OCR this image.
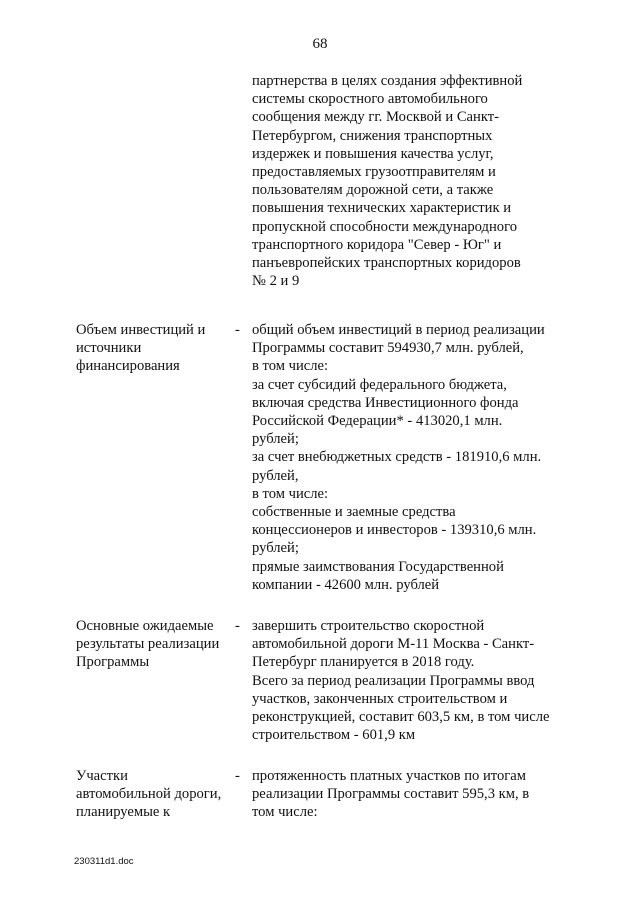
68
партнерства в целях создания эффективной
системы скоростного автомобильного
сообщения между гг. Москвой и Санкт-
Петербургом, снижения транспортных
издержек и повышения качества услуг,
предоставляемых грузоотправителям и
пользователям дорожной сети, а также
повышения технических характеристик и
пропускной способности международного
транспортного коридора "Север - Юг" и
панъевропейских транспортных коридоров
№ 2 и 9
Объем инвестиций и
источники
финансирования
- общий объем инвестиций в период реализации
Программы составит 594930,7 млн. рублей,
в том числе:
за счет субсидий федерального бюджета,
включая средства Инвестиционного фонда
Российской Федерации* - 413020,1 млн.
рублей;
за счет внебюджетных средств - 181910,6 млн.
рублей,
в том числе:
собственные и заемные средства
концессионеров и инвесторов - 139310,6 млн.
рублей;
прямые заимствования Государственной
компании - 42600 млн. рублей
Основные ожидаемые
результаты реализации
Программы
- завершить строительство скоростной
автомобильной дороги М-11 Москва - Санкт-
Петербург планируется в 2018 году.
Всего за период реализации Программы ввод
участков, законченных строительством и
реконструкцией, составит 603,5 км, в том числе
строительством - 601,9 км
Участки
автомобильной дороги,
планируемые к
- протяженность платных участков по итогам
реализации Программы составит 595,3 км, в
том числе:
230311d1.doc
